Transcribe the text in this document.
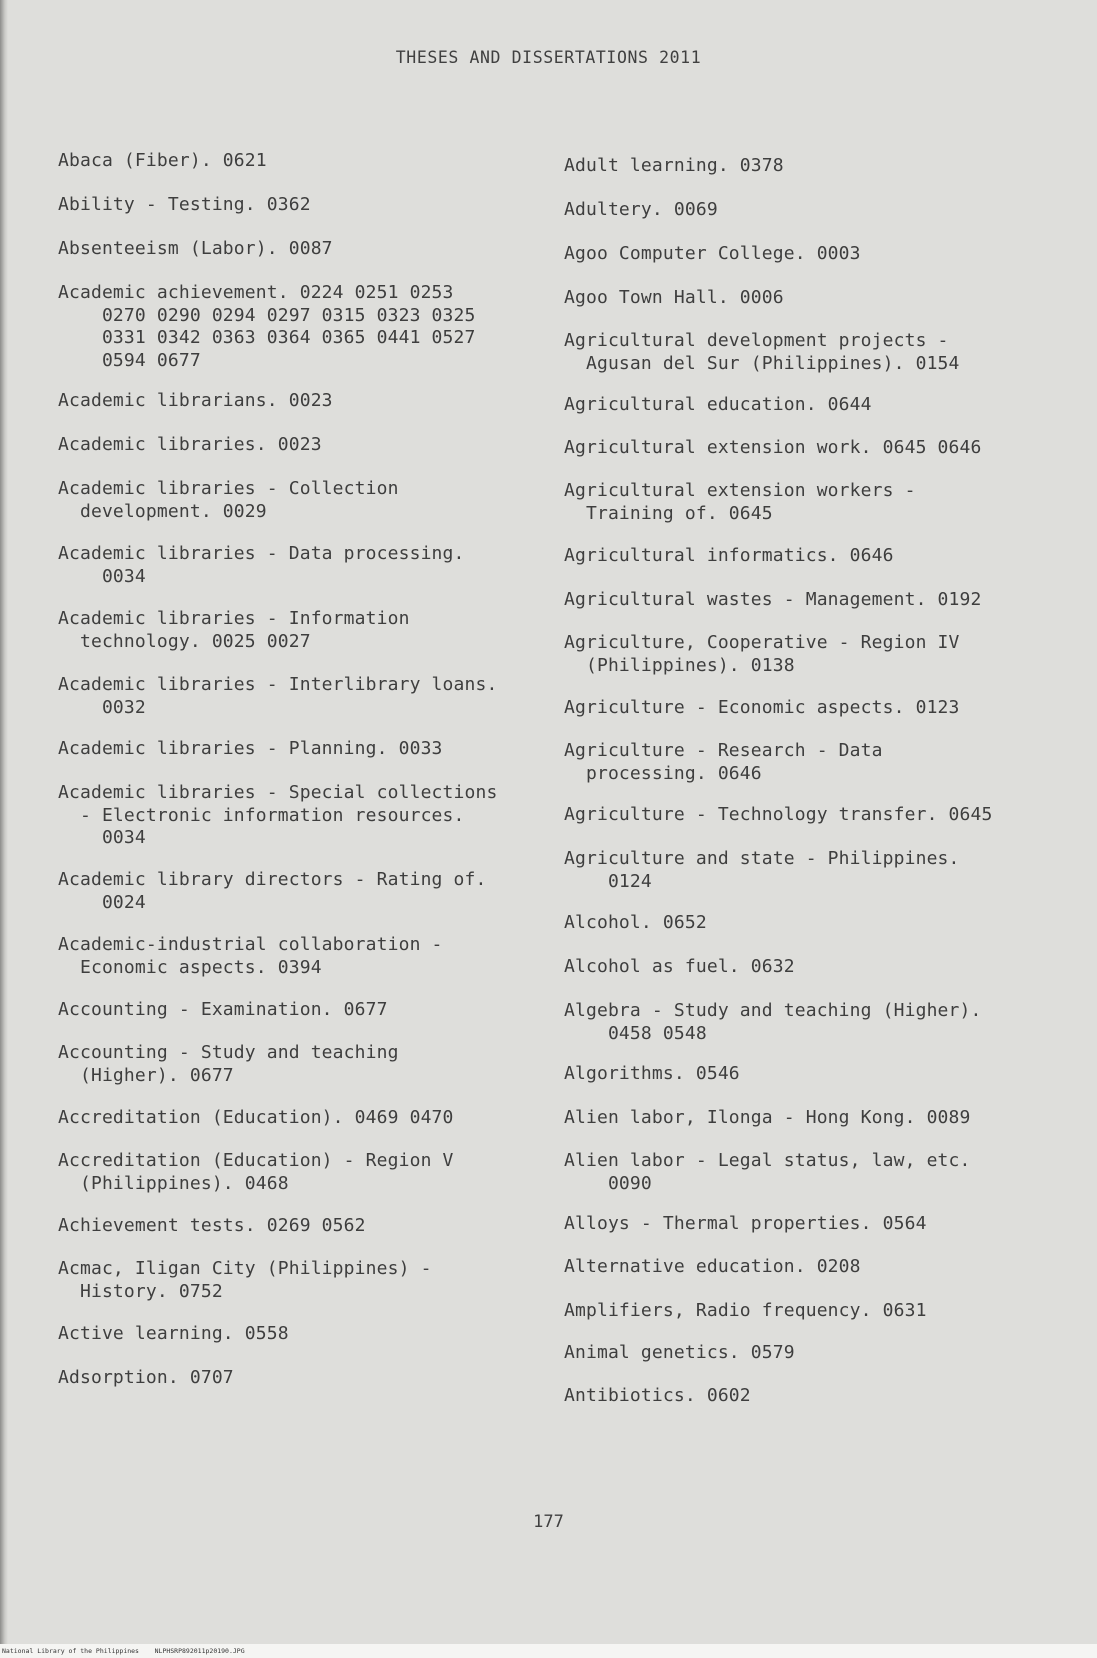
THESES AND DISSERTATIONS 2011
Abaca (Fiber). 0621
Ability - Testing. 0362
Absenteeism (Labor). 0087
Academic achievement. 0224 0251 0253
0270 0290 0294 0297 0315 0323 0325
0331 0342 0363 0364 0365 0441 0527
0594 0677
Academic librarians. 0023
Academic libraries. 0023
Academic libraries - Collection
development. 0029
Academic libraries - Data processing.
0034
Academic libraries - Information
technology. 0025 0027
Academic libraries - Interlibrary loans.
0032
Academic libraries - Planning. 0033
Academic libraries - Special collections
- Electronic information resources.
0034
Academic library directors - Rating of.
0024
Academic-industrial collaboration -
Economic aspects. 0394
Accounting - Examination. 0677
Accounting - Study and teaching
(Higher). 0677
Accreditation (Education). 0469 0470
Accreditation (Education) - Region V
(Philippines). 0468
Achievement tests. 0269 0562
Acmac, Iligan City (Philippines) -
History. 0752
Active learning. 0558
Adsorption. 0707
Adult learning. 0378
Adultery. 0069
Agoo Computer College. 0003
Agoo Town Hall. 0006
Agricultural development projects -
Agusan del Sur (Philippines). 0154
Agricultural education. 0644
Agricultural extension work. 0645 0646
Agricultural extension workers -
Training of. 0645
Agricultural informatics. 0646
Agricultural wastes - Management. 0192
Agriculture, Cooperative - Region IV
(Philippines). 0138
Agriculture - Economic aspects. 0123
Agriculture - Research - Data
processing. 0646
Agriculture - Technology transfer. 0645
Agriculture and state - Philippines.
0124
Alcohol. 0652
Alcohol as fuel. 0632
Algebra - Study and teaching (Higher).
0458 0548
Algorithms. 0546
Alien labor, Ilonga - Hong Kong. 0089
Alien labor - Legal status, law, etc.
0090
Alloys - Thermal properties. 0564
Alternative education. 0208
Amplifiers, Radio frequency. 0631
Animal genetics. 0579
Antibiotics. 0602
177
National Library of the Philippines    NLPHSRP892011p20190.JPG
